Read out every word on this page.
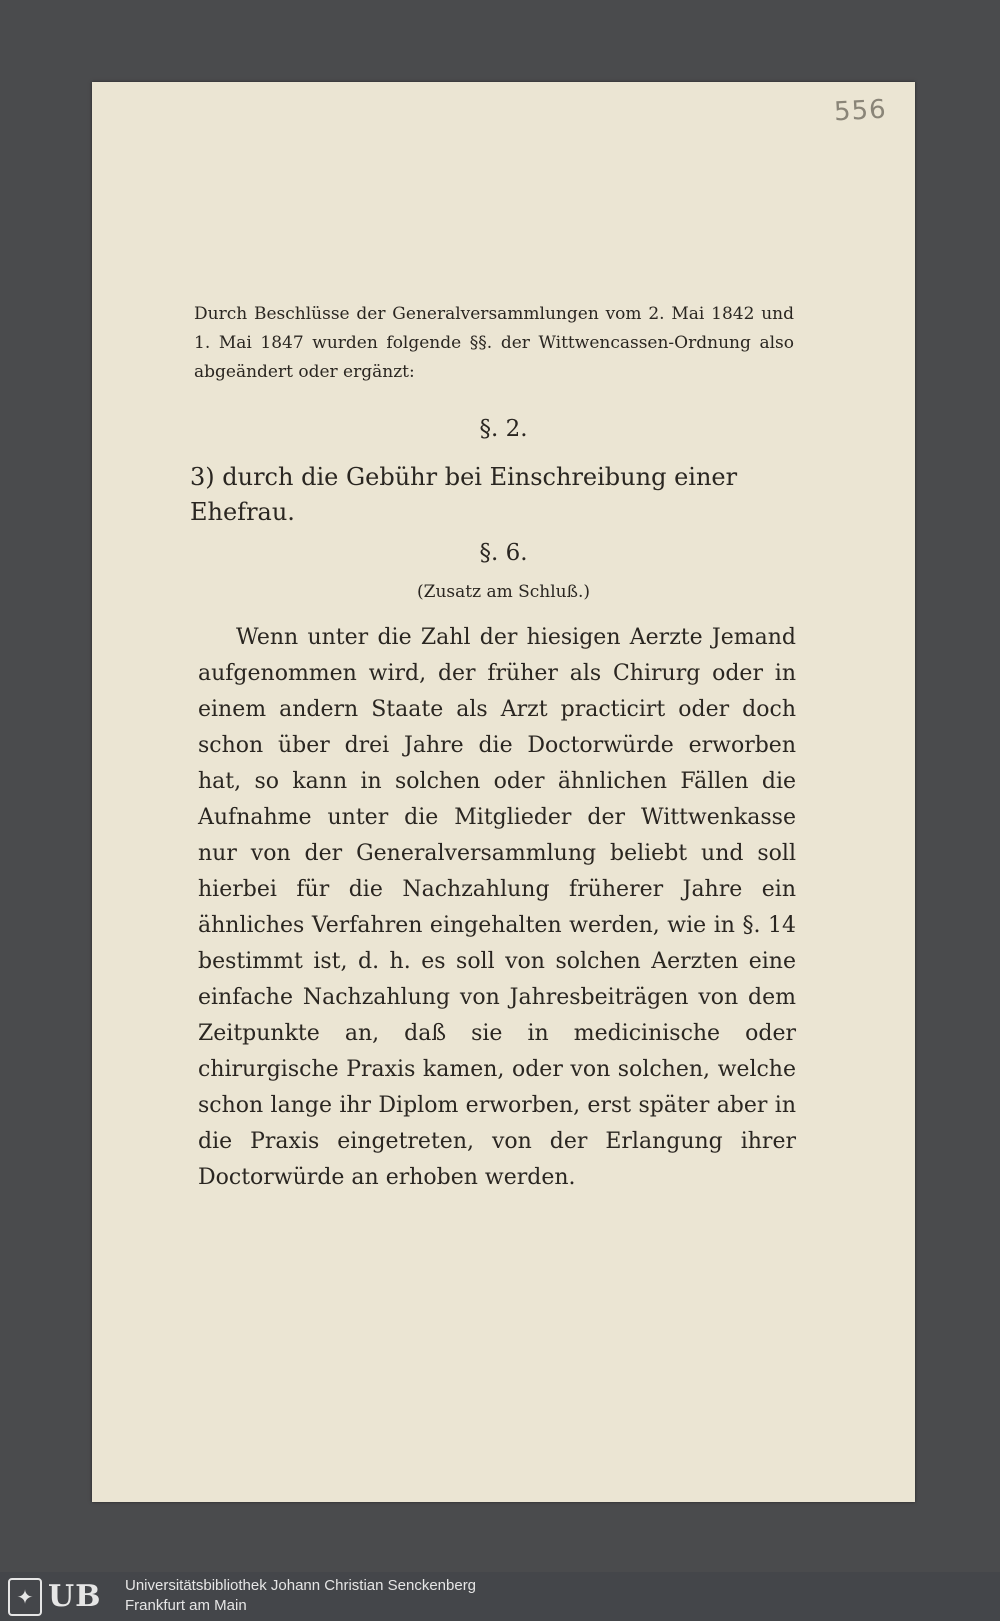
556

Durch Beschlüsse der Generalversammlungen vom 2. Mai 1842 und 1. Mai 1847 wurden folgende §§. der Wittwencassen-Ordnung also abgeändert oder ergänzt:

§. 2.
3) durch die Gebühr bei Einschreibung einer Ehefrau.
§. 6.
(Zusatz am Schluß.)

Wenn unter die Zahl der hiesigen Aerzte Jemand aufgenommen wird, der früher als Chirurg oder in einem andern Staate als Arzt practicirt oder doch schon über drei Jahre die Doctorwürde erworben hat, so kann in solchen oder ähnlichen Fällen die Aufnahme unter die Mitglieder der Wittwenkasse nur von der Generalversammlung beliebt und soll hierbei für die Nachzahlung früherer Jahre ein ähnliches Verfahren eingehalten werden, wie in §. 14 bestimmt ist, d. h. es soll von solchen Aerzten eine einfache Nachzahlung von Jahresbeiträgen von dem Zeitpunkte an, daß sie in medicinische oder chirurgische Praxis kamen, oder von solchen, welche schon lange ihr Diplom erworben, erst später aber in die Praxis eingetreten, von der Erlangung ihrer Doctorwürde an erhoben werden.

✦ UB Universitätsbibliothek Johann Christian Senckenberg
Frankfurt am Main
